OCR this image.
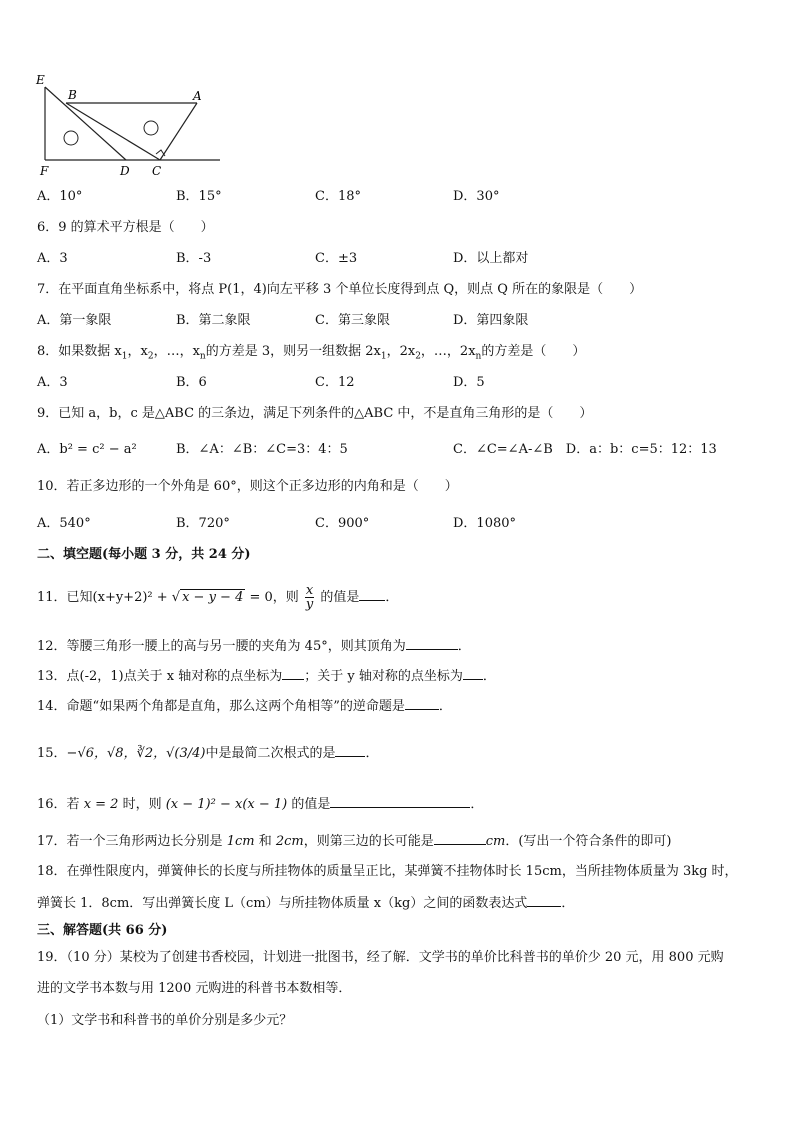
E
B	A
F	D C
A．10°	B．15°	C．18°	D．30°
6．9 的算术平方根是（　　）
A．3	B．-3	C．±3	D．以上都对
7．在平面直角坐标系中，将点 P(1，4)向左平移 3 个单位长度得到点 Q，则点 Q 所在的象限是（　　）
A．第一象限	B．第二象限	C．第三象限	D．第四象限
8．如果数据 $x_1$，$x_2$，…，$x_n$的方差是 3，则另一组数据 $2x_1$，$2x_2$，…，$2x_n$的方差是（　　）
A．3	B．6	C．12	D．5
9．已知 a，b，c 是△ABC 的三条边，满足下列条件的△ABC 中，不是直角三角形的是（　　）
A．b² = c² − a²	B．∠A：∠B：∠C=3：4：5	C．∠C=∠A-∠B　D．a：b：c=5：12：13
10．若正多边形的一个外角是 60°，则这个正多边形的内角和是（　　）
A．540°	B．720°	C．900°	D．1080°
二、填空题(每小题 3 分，共 24 分)
11．已知(x+y+2)² + √ x − y − 4 = 0，则 $\frac{x}{y}$ 的值是 ．
12．等腰三角形一腰上的高与另一腰的夹角为 45°，则其顶角为	．
13．点(-2，1)点关于 x 轴对称的点坐标为 ；关于 y 轴对称的点坐标为 ．
14．命题“如果两个角都是直角，那么这两个角相等”的逆命题是	．
15．−√6，√8，∛2，√(3/4)中是最简二次根式的是 ．
16．若 x = 2 时，则 (x − 1)² − x(x − 1) 的值是	．
17．若一个三角形两边长分别是 1cm 和 2cm，则第三边的长可能是	cm．(写出一个符合条件的即可)
18．在弹性限度内，弹簧伸长的长度与所挂物体的质量呈正比，某弹簧不挂物体时长 15cm，当所挂物体质量为 3kg 时，
弹簧长 1．8cm．写出弹簧长度 L（cm）与所挂物体质量 x（kg）之间的函数表达式	．
三、解答题(共 66 分)
19．（10 分）某校为了创建书香校园，计划进一批图书，经了解．文学书的单价比科普书的单价少 20 元，用 800 元购
进的文学书本数与用 1200 元购进的科普书本数相等．
（1）文学书和科普书的单价分别是多少元？
